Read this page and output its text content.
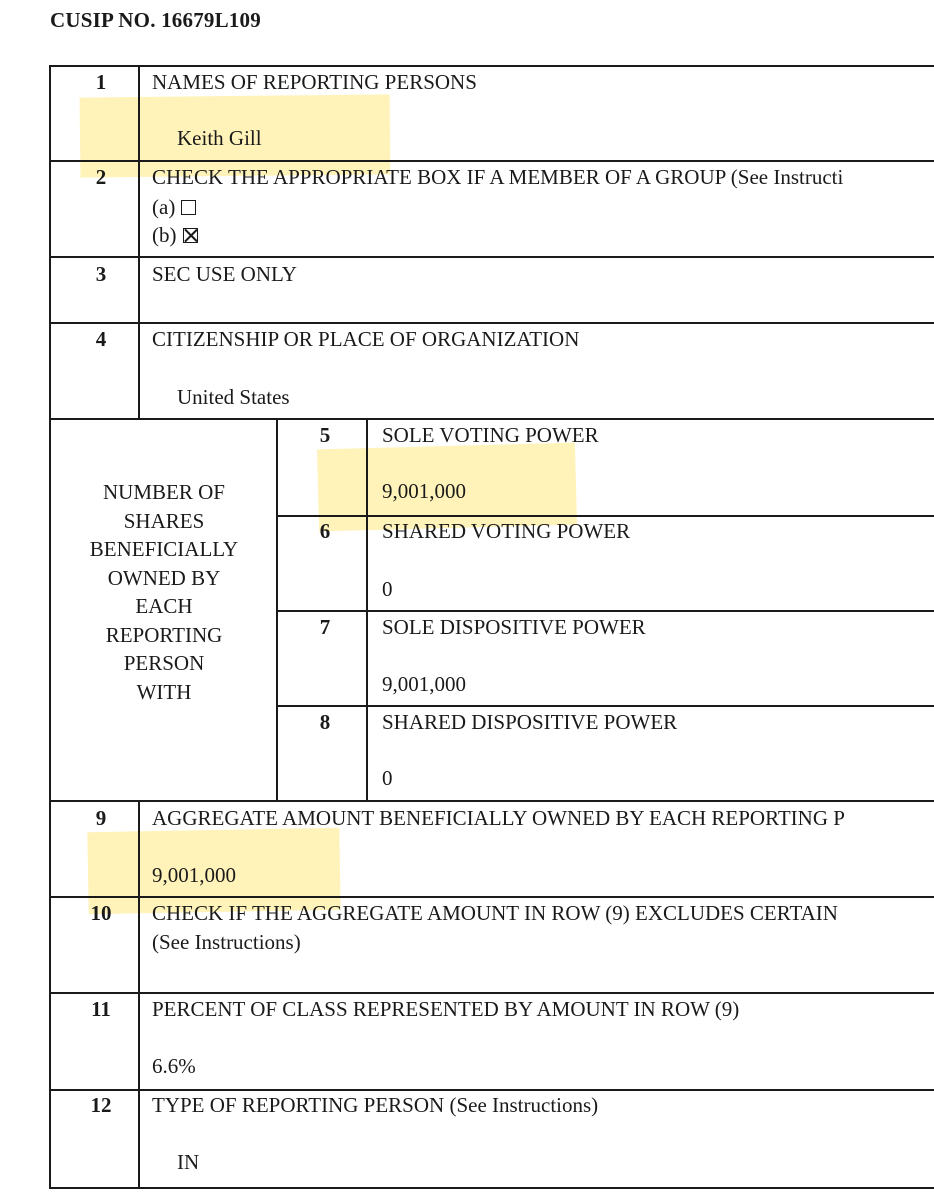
CUSIP NO. 16679L109
1	NAMES OF REPORTING PERSONS
Keith Gill
2	CHECK THE APPROPRIATE BOX IF A MEMBER OF A GROUP (See Instructi
(a)
(b)
3	SEC USE ONLY
4	CITIZENSHIP OR PLACE OF ORGANIZATION
United States
NUMBER OF
SHARES
BENEFICIALLY
OWNED BY
EACH
REPORTING
PERSON
WITH
5	SOLE VOTING POWER
9,001,000
6	SHARED VOTING POWER
0
7	SOLE DISPOSITIVE POWER
9,001,000
8	SHARED DISPOSITIVE POWER
0
9	AGGREGATE AMOUNT BENEFICIALLY OWNED BY EACH REPORTING P
9,001,000
10	CHECK IF THE AGGREGATE AMOUNT IN ROW (9) EXCLUDES CERTAIN
(See Instructions)
11	PERCENT OF CLASS REPRESENTED BY AMOUNT IN ROW (9)
6.6%
12	TYPE OF REPORTING PERSON (See Instructions)
IN
